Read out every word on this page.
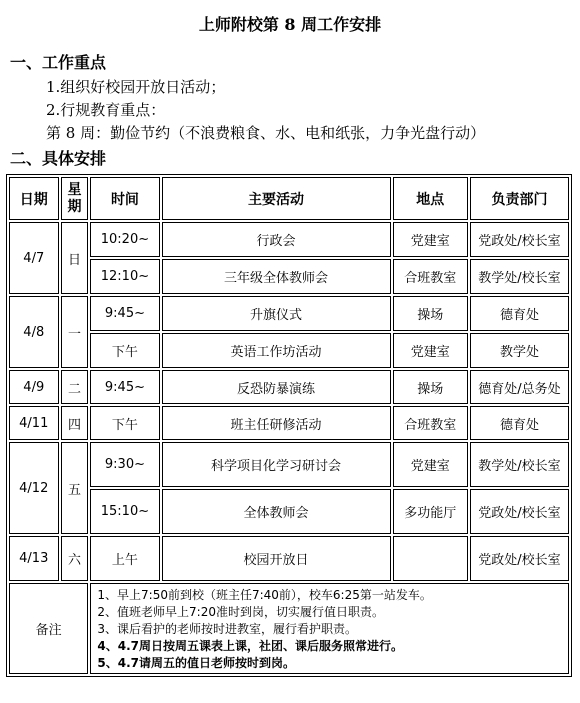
上师附校第 8 周工作安排
一、工作重点
1.组织好校园开放日活动；
2.行规教育重点：
第 8 周：勤俭节约（不浪费粮食、水、电和纸张，力争光盘行动）
二、具体安排
日期	星期	时间	主要活动	地点	负责部门
4/7	日	10:20~	行政会	党建室	党政处/校长室
		12:10~	三年级全体教师会	合班教室	教学处/校长室
4/8	一	9:45~	升旗仪式	操场	德育处
		下午	英语工作坊活动	党建室	教学处
4/9	二	9:45~	反恐防暴演练	操场	德育处/总务处
4/11	四	下午	班主任研修活动	合班教室	德育处
4/12	五	9:30~	科学项目化学习研讨会	党建室	教学处/校长室
		15:10~	全体教师会	多功能厅	党政处/校长室
4/13	六	上午	校园开放日		党政处/校长室
备注		1、早上7:50前到校（班主任7:40前），校车6:25第一站发车。
2、值班老师早上7:20准时到岗，切实履行值日职责。
3、课后看护的老师按时进教室，履行看护职责。
4、4.7周日按周五课表上课，社团、课后服务照常进行。
5、4.7请周五的值日老师按时到岗。			
